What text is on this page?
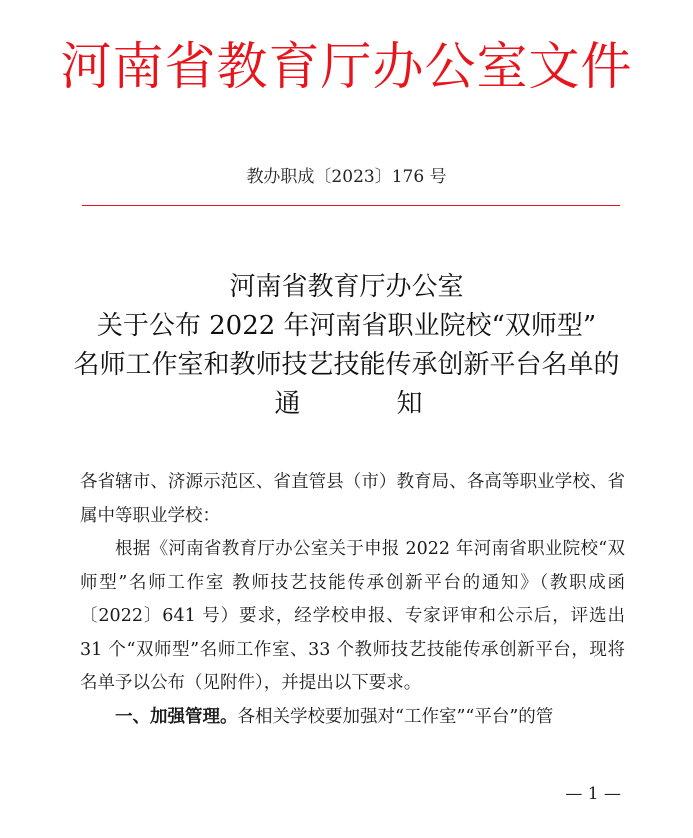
河南省教育厅办公室文件
教办职成〔2023〕176 号
河南省教育厅办公室
关于公布 2022 年河南省职业院校“双师型”
名师工作室和教师技艺技能传承创新平台名单的
通	知

各省辖市、济源示范区、省直管县（市）教育局、各高等职业学校、省属中等职业学校：

根据《河南省教育厅办公室关于申报 2022 年河南省职业院校“双师型”名师工作室 教师技艺技能传承创新平台的通知》（教职成函〔2022〕641 号）要求，经学校申报、专家评审和公示后，评选出 31 个“双师型”名师工作室、33 个教师技艺技能传承创新平台，现将名单予以公布（见附件），并提出以下要求。

一、加强管理。各相关学校要加强对“工作室”“平台”的管

— 1 —
